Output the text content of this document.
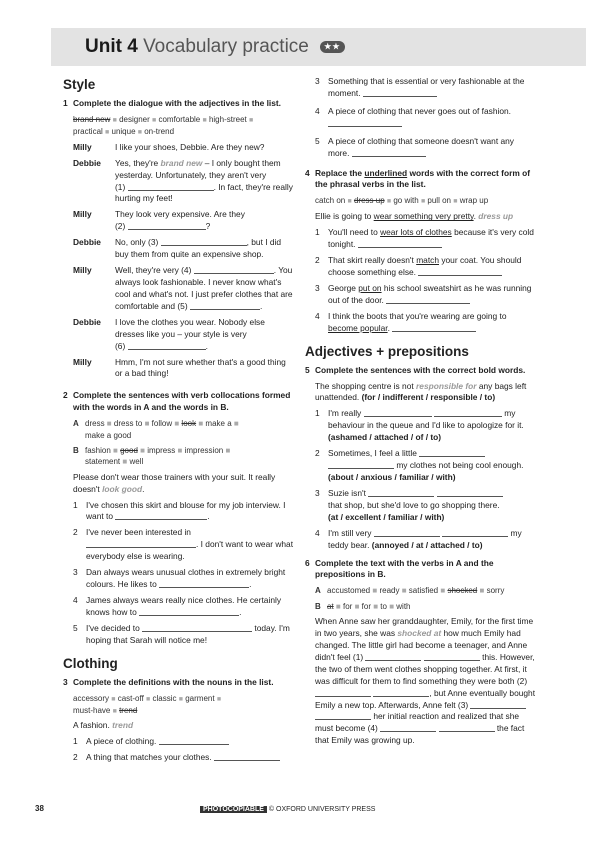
Unit 4 Vocabulary practice ★★
Style
1 Complete the dialogue with the adjectives in the list.
brand new ■ designer ■ comfortable ■ high-street ■
practical ■ unique ■ on-trend
Milly	I like your shoes, Debbie. Are they new?
Debbie	Yes, they're brand new – I only bought them yesterday. Unfortunately, they aren't very
(1)	. In fact, they're really hurting my feet!
Milly	They look very expensive. Are they
(2)	?
Debbie	No, only (3)	, but I did buy them from quite an expensive shop.
Milly	Well, they're very (4)	. You always look fashionable. I never know what's cool and what's not. I just prefer clothes that are comfortable and (5)	.
Debbie	I love the clothes you wear. Nobody else dresses like you – your style is very
(6)	.
Milly	Hmm, I'm not sure whether that's a good thing or a bad thing!
2 Complete the sentences with verb collocations formed with the words in A and the words in B.
A dress ■ dress to ■ follow ■ look ■ make a ■
make a good
B fashion ■ good ■ impress ■ impression ■
statement ■ well

Please don't wear those trainers with your suit. It really doesn't look good.

1 I've chosen this skirt and blouse for my job interview. I want to	.
2 I've never been interested in
. I don't want to wear what everybody else is wearing.
3 Dan always wears unusual clothes in extremely bright colours. He likes to	.
4 James always wears really nice clothes. He certainly knows how to	.
5 I've decided to	today. I'm hoping that Sarah will notice me!
Clothing
3 Complete the definitions with the nouns in the list.
accessory ■ cast-off ■ classic ■ garment ■
must-have ■ trend

A fashion. trend

1 A piece of clothing.
2 A thing that matches your clothes.
3 Something that is essential or very fashionable at the moment.
4 A piece of clothing that never goes out of fashion.

5 A piece of clothing that someone doesn't want any more.
4 Replace the underlined words with the correct form of the phrasal verbs in the list.
catch on ■ dress up ■ go with ■ pull on ■ wrap up

Ellie is going to wear something very pretty. dress up

1 You'll need to wear lots of clothes because it's very cold tonight.
2 That skirt really doesn't match your coat. You should choose something else.
3 George put on his school sweatshirt as he was running out of the door.
4 I think the boots that you're wearing are going to become popular.
Adjectives + prepositions
5 Complete the sentences with the correct bold words.

The shopping centre is not responsible for any bags left unattended. (for / indifferent / responsible / to)

1 I'm really	my behaviour in the queue and I'd like to apologize for it.
(ashamed / attached / of / to)
2 Sometimes, I feel a little
my clothes not being cool enough.
(about / anxious / familiar / with)
3 Suzie isn't
that shop, but she'd love to go shopping there.
(at / excellent / familiar / with)
4 I'm still very	my teddy bear. (annoyed / at / attached / to)
6 Complete the text with the verbs in A and the prepositions in B.
A accustomed ■ ready ■ satisfied ■ shocked ■ sorry
B at ■ for ■ for ■ to ■ with

When Anne saw her granddaughter, Emily, for the first time in two years, she was shocked at how much Emily had changed. The little girl had become a teenager, and Anne didn't feel (1)	this. However, the two of them went clothes shopping together. At first, it was difficult for them to find something they were both (2)  , but Anne eventually bought Emily a new top. Afterwards, Anne felt (3)   her initial reaction and realized that she must become (4)	the fact that Emily was growing up.

38	PHOTOCOPIABLE © OXFORD UNIVERSITY PRESS
